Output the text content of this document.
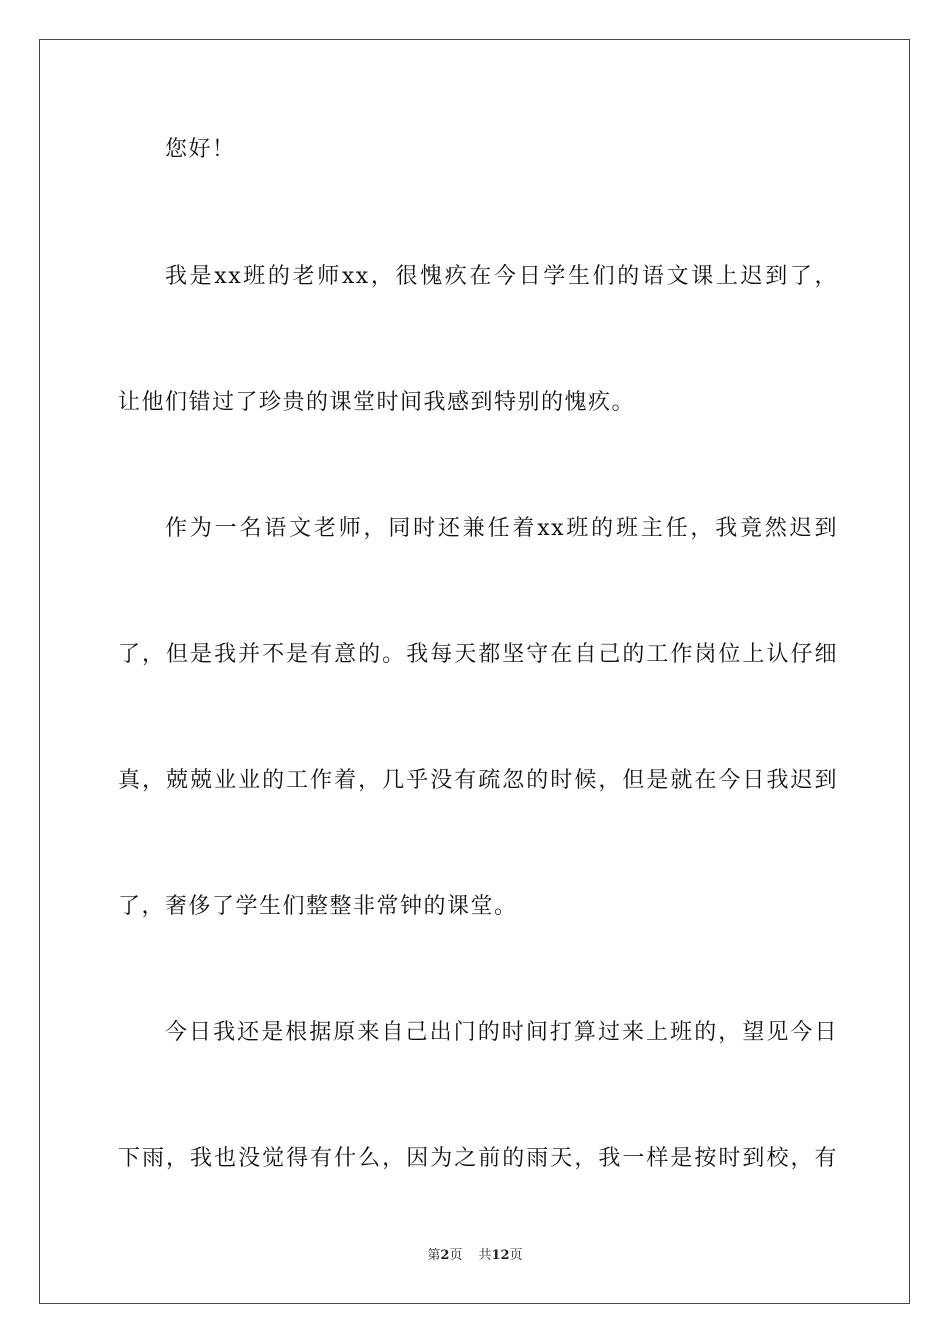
您好！
我是xx班的老师xx，很愧疚在今日学生们的语文课上迟到了，
让他们错过了珍贵的课堂时间我感到特别的愧疚。
作为一名语文老师，同时还兼任着xx班的班主任，我竟然迟到
了，但是我并不是有意的。我每天都坚守在自己的工作岗位上认仔细
真，兢兢业业的工作着，几乎没有疏忽的时候，但是就在今日我迟到
了，奢侈了学生们整整非常钟的课堂。
今日我还是根据原来自己出门的时间打算过来上班的，望见今日
下雨，我也没觉得有什么，因为之前的雨天，我一样是按时到校，有
第2页 共12页
